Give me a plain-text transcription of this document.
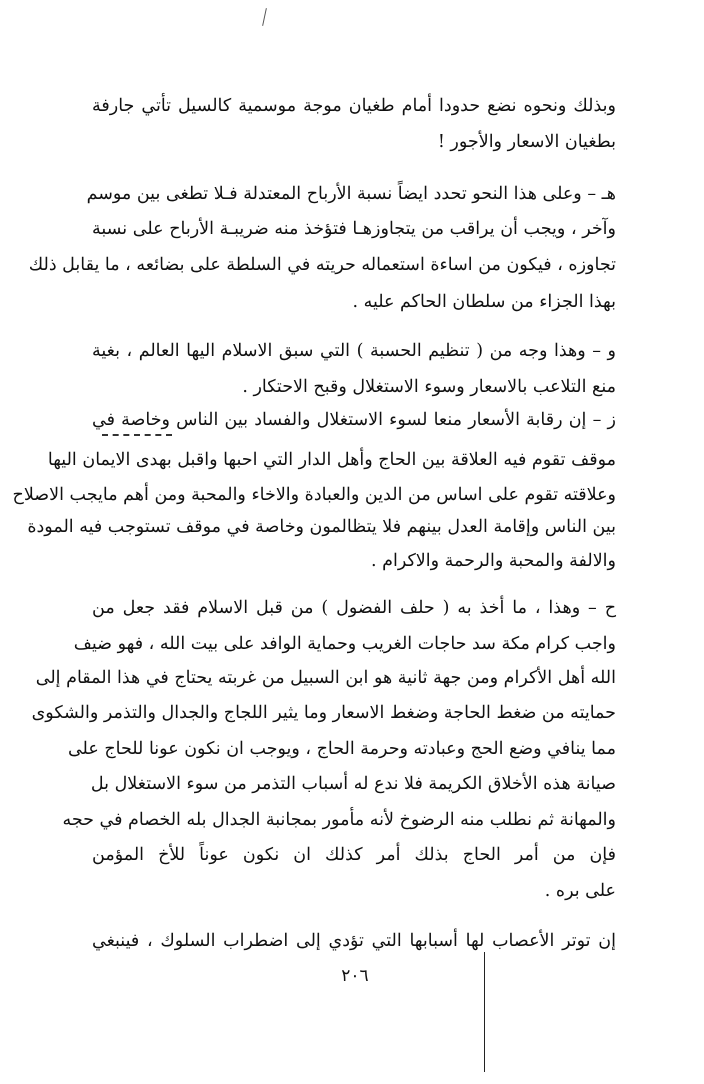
وبذلك ونحوه نضع حدودا أمام طغيان موجة موسمية كالسيل تأتي جارفة
بطغيان الاسعار والأجور !
هـ – وعلى هذا النحو تحدد ايضاً نسبة الأرباح المعتدلة فـلا تطغى بين موسم
وآخر ، ويجب أن يراقب من يتجاوزهـا فتؤخذ منه ضريبـة الأرباح على نسبة
تجاوزه ، فيكون من اساءة استعماله حريته في السلطة على بضائعه ، ما يقابل ذلك
بهذا الجزاء من سلطان الحاكم عليه .
و – وهذا وجه من ( تنظيم الحسبة ) التي سبق الاسلام اليها العالم ، بغية
منع التلاعب بالاسعار وسوء الاستغلال وقبح الاحتكار .
ز – إن رقابة الأسعار منعا لسوء الاستغلال والفساد بين الناس وخاصة في
موقف تقوم فيه العلاقة بين الحاج وأهل الدار التي احبها واقبل بهدى الايمان اليها
وعلاقته تقوم على اساس من الدين والعبادة والاخاء والمحبة ومن أهم مايجب الاصلاح
بين الناس وإقامة العدل بينهم فلا يتظالمون وخاصة في موقف تستوجب فيه المودة
والالفة والمحبة والرحمة والاكرام .
ح – وهذا ، ما أخذ به ( حلف الفضول ) من قبل الاسلام فقد جعل من
واجب كرام مكة سد حاجات الغريب وحماية الوافد على بيت الله ، فهو ضيف
الله أهل الأكرام ومن جهة ثانية هو ابن السبيل من غربته يحتاج في هذا المقام إلى
حمايته من ضغط الحاجة وضغط الاسعار وما يثير اللجاج والجدال والتذمر والشكوى
مما ينافي وضع الحج وعبادته وحرمة الحاج ، ويوجب ان نكون عونا للحاج على
صيانة هذه الأخلاق الكريمة فلا ندع له أسباب التذمر من سوء الاستغلال بل
والمهانة ثم نطلب منه الرضوخ لأنه مأمور بمجانبة الجدال بله الخصام في حجه
فإن من أمر الحاج بذلك أمر كذلك ان نكون عوناً للأخ المؤمن
على بره .
إن توتر الأعصاب لها أسبابها التي تؤدي إلى اضطراب السلوك ، فينبغي
٢٠٦
